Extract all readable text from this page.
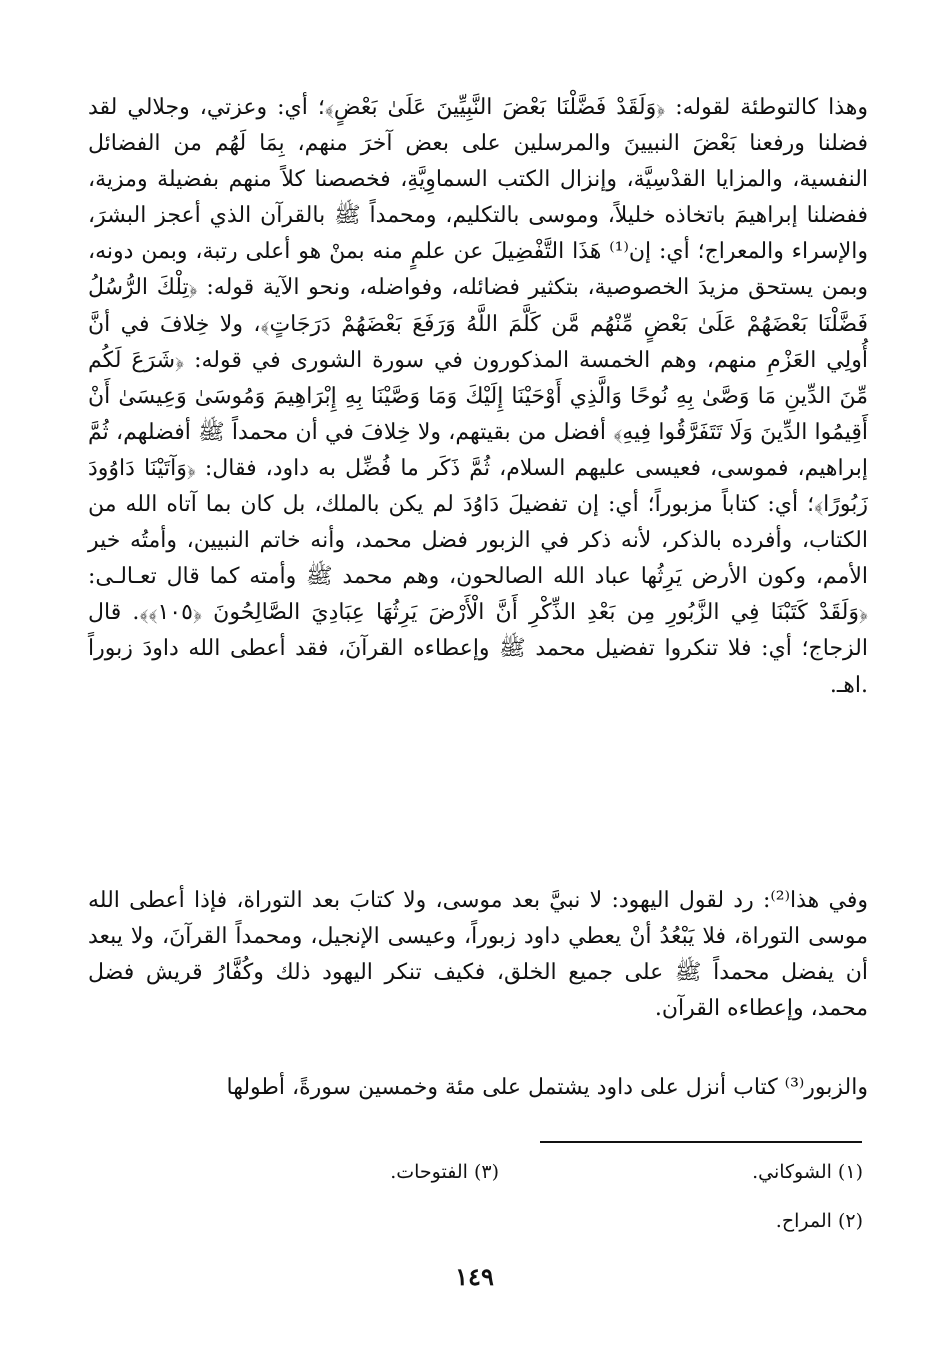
وهذا كالتوطئة لقوله: ﴿وَلَقَدْ فَضَّلْنَا بَعْضَ النَّبِيِّينَ عَلَىٰ بَعْضٍ﴾؛ أي: وعزتي، وجلالي لقد فضلنا ورفعنا بَعْضَ النبيينَ والمرسلين على بعض آخرَ منهم، بِمَا لَهُم من الفضائل النفسية، والمزايا القدْسِيَّة، وإنزال الكتب السماوِيَّةِ، فخصصنا كلاً منهم بفضيلة ومزية، ففضلنا إبراهيمَ باتخاذه خليلاً، وموسى بالتكليم، ومحمداً ﷺ بالقرآن الذي أعجز البشرَ، والإسراء والمعراج؛ أي: إن⁽¹⁾ هَذَا التَّفْضِيلَ عن علمٍ منه بمنْ هو أعلى رتبة، وبمن دونه، وبمن يستحق مزيدَ الخصوصية، بتكثير فضائله، وفواضله، ونحو الآية قوله: ﴿تِلْكَ الرُّسُلُ فَضَّلْنَا بَعْضَهُمْ عَلَىٰ بَعْضٍ مِّنْهُم مَّن كَلَّمَ اللَّهُ وَرَفَعَ بَعْضَهُمْ دَرَجَاتٍ﴾، ولا خِلافَ في أنَّ أُولِي العَزْمِ منهم، وهم الخمسة المذكورون في سورة الشورى في قوله: ﴿شَرَعَ لَكُم مِّنَ الدِّينِ مَا وَصَّىٰ بِهِ نُوحًا وَالَّذِي أَوْحَيْنَا إِلَيْكَ وَمَا وَصَّيْنَا بِهِ إِبْرَاهِيمَ وَمُوسَىٰ وَعِيسَىٰ أَنْ أَقِيمُوا الدِّينَ وَلَا تَتَفَرَّقُوا فِيهِ﴾ أفضل من بقيتهم، ولا خِلافَ في أن محمداً ﷺ أفضلهم، ثُمَّ إبراهيم، فموسى، فعيسى عليهم السلام، ثُمَّ ذَكَر ما فُضِّل به داود، فقال: ﴿وَآتَيْنَا دَاوُودَ زَبُورًا﴾؛ أي: كتاباً مزبوراً؛ أي: إن تفضيلَ دَاوُدَ لم يكن بالملك، بل كان بما آتاه الله من الكتاب، وأفرده بالذكر، لأنه ذكر في الزبور فضل محمد، وأنه خاتم النبيين، وأمتُه خير الأمم، وكون الأرض يَرِثُها عباد الله الصالحون، وهم محمد ﷺ وأمته كما قال تعـالـى: ﴿وَلَقَدْ كَتَبْنَا فِي الزَّبُورِ مِن بَعْدِ الذِّكْرِ أَنَّ الْأَرْضَ يَرِثُهَا عِبَادِيَ الصَّالِحُونَ ﴿١٠٥﴾﴾. قال الزجاج؛ أي: فلا تنكروا تفضيل محمد ﷺ وإعطاءه القرآنَ، فقد أعطى الله داودَ زبوراً .اهـ.

وفي هذا⁽²⁾: رد لقول اليهود: لا نبيَّ بعد موسى، ولا كتابَ بعد التوراة، فإذا أعطى الله موسى التوراة، فلا يَبْعُدُ أنْ يعطي داود زبوراً، وعيسى الإنجيل، ومحمداً القرآنَ، ولا يبعد أن يفضل محمداً ﷺ على جميع الخلق، فكيف تنكر اليهود ذلك وكُفَّارُ قريش فضل محمد، وإعطاءه القرآن.

والزبور⁽³⁾ كتاب أنزل على داود يشتمل على مئة وخمسين سورةً، أطولها

(١) الشوكاني.
(٣) الفتوحات.
(٢) المراح.
١٤٩
